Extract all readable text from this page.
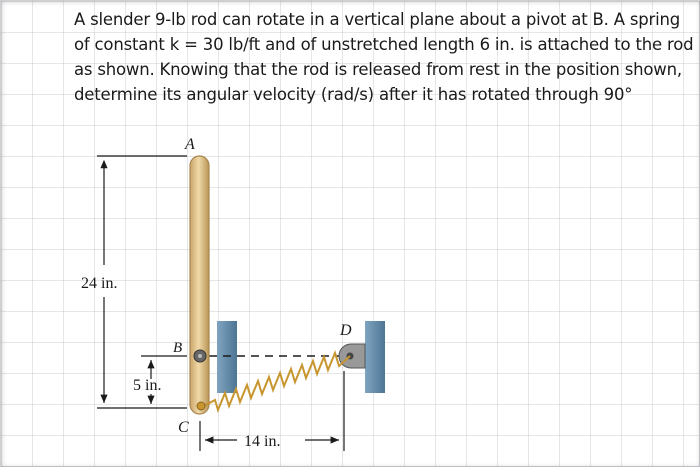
A slender 9-lb rod can rotate in a vertical plane about a pivot at B. A spring
of constant k = 30 lb/ft and of unstretched length 6 in. is attached to the rod
as shown. Knowing that the rod is released from rest in the position shown,
determine its angular velocity (rad/s) after it has rotated through 90°
24 in.
5 in.
14 in.
A
B
C
D
